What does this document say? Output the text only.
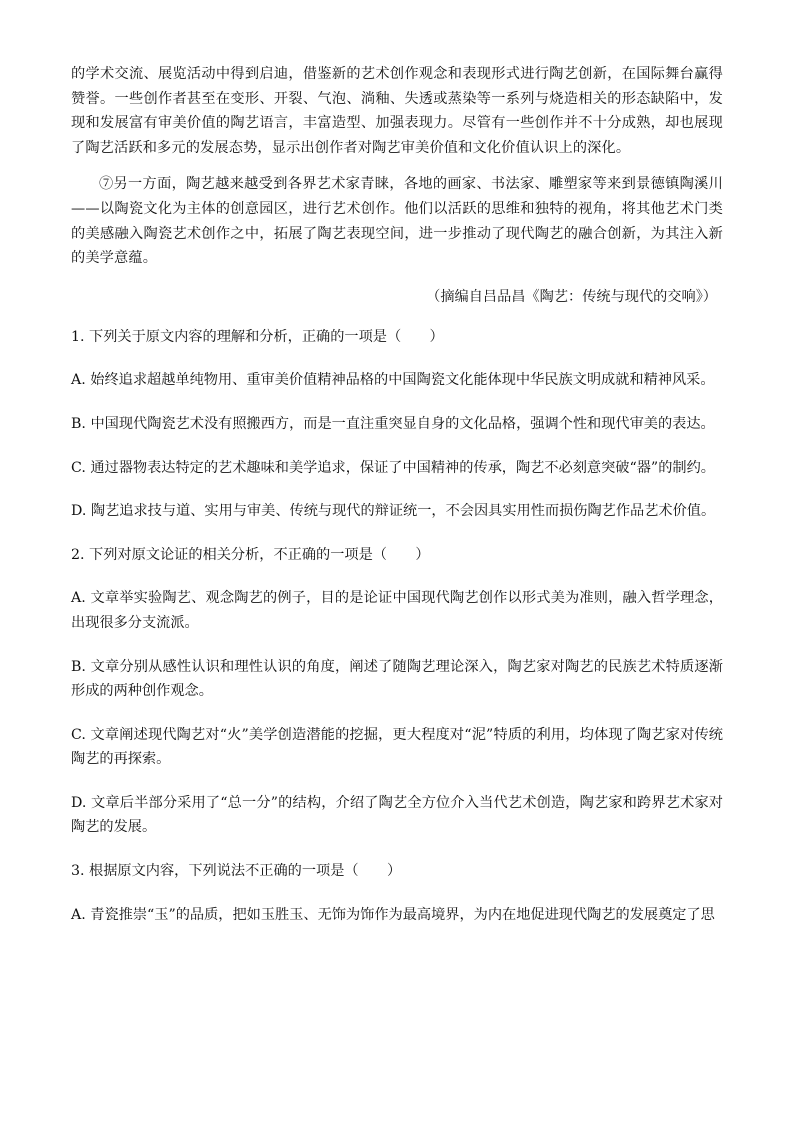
的学术交流、展览活动中得到启迪，借鉴新的艺术创作观念和表现形式进行陶艺创新，在国际舞台赢得赞誉。一些创作者甚至在变形、开裂、气泡、淌釉、失透或蒸染等一系列与烧造相关的形态缺陷中，发现和发展富有审美价值的陶艺语言，丰富造型、加强表现力。尽管有一些创作并不十分成熟，却也展现了陶艺活跃和多元的发展态势，显示出创作者对陶艺审美价值和文化价值认识上的深化。

⑦另一方面，陶艺越来越受到各界艺术家青睐，各地的画家、书法家、雕塑家等来到景德镇陶溪川——以陶瓷文化为主体的创意园区，进行艺术创作。他们以活跃的思维和独特的视角，将其他艺术门类的美感融入陶瓷艺术创作之中，拓展了陶艺表现空间，进一步推动了现代陶艺的融合创新，为其注入新的美学意蕴。

（摘编自吕品昌《陶艺：传统与现代的交响》）

1. 下列关于原文内容的理解和分析，正确的一项是（　　）

A. 始终追求超越单纯物用、重审美价值精神品格的中国陶瓷文化能体现中华民族文明成就和精神风采。

B. 中国现代陶瓷艺术没有照搬西方，而是一直注重突显自身的文化品格，强调个性和现代审美的表达。

C. 通过器物表达特定的艺术趣味和美学追求，保证了中国精神的传承，陶艺不必刻意突破“器”的制约。

D. 陶艺追求技与道、实用与审美、传统与现代的辩证统一，不会因具实用性而损伤陶艺作品艺术价值。

2. 下列对原文论证的相关分析，不正确的一项是（　　）

A. 文章举实验陶艺、观念陶艺的例子，目的是论证中国现代陶艺创作以形式美为准则，融入哲学理念，出现很多分支流派。

B. 文章分别从感性认识和理性认识的角度，阐述了随陶艺理论深入，陶艺家对陶艺的民族艺术特质逐渐形成的两种创作观念。

C. 文章阐述现代陶艺对“火”美学创造潜能的挖掘，更大程度对“泥”特质的利用，均体现了陶艺家对传统陶艺的再探索。

D. 文章后半部分采用了“总一分”的结构，介绍了陶艺全方位介入当代艺术创造，陶艺家和跨界艺术家对陶艺的发展。

3. 根据原文内容，下列说法不正确的一项是（　　）

A. 青瓷推崇“玉”的品质，把如玉胜玉、无饰为饰作为最高境界，为内在地促进现代陶艺的发展奠定了思
